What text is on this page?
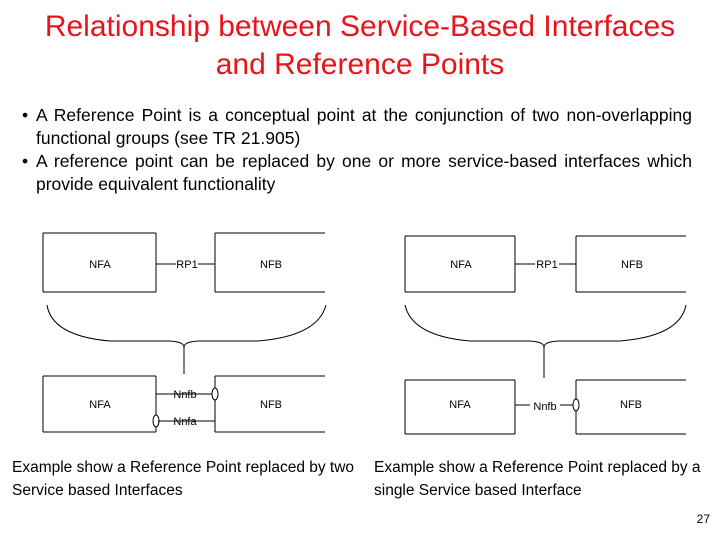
Relationship between Service-Based Interfaces
and Reference Points
• A Reference Point is a conceptual point at the conjunction of two non-overlapping functional groups (see TR 21.905)
• A reference point can be replaced by one or more service-based interfaces which provide equivalent functionality
NFA	NFB
RP1
NFA	NFB
Nnfb
Nnfa
NFA	NFB
RP1
NFA	NFB
Nnfb
Example show a Reference Point replaced by two Service based Interfaces
Example show a Reference Point replaced by a single Service based Interface
27
